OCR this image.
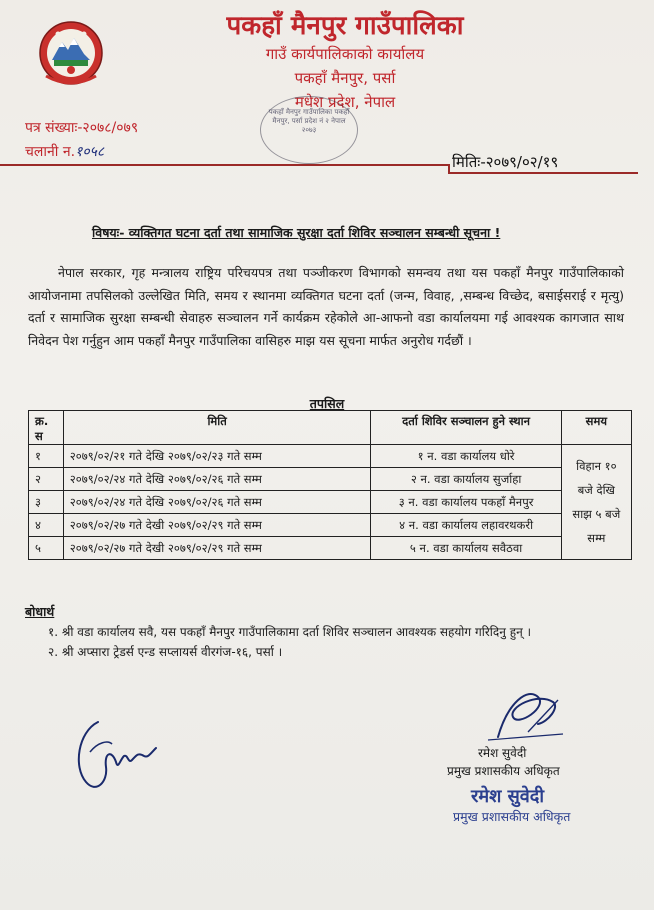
पकहाँ मैनपुर गाउँपालिका
गाउँ कार्यपालिकाको कार्यालय
पकहाँ मैनपुर, पर्सा
मधेश प्रदेश, नेपाल
पकहाँ मैनपुर गाउँपालिका पकहाँ मैनपुर, पर्सा प्रदेश नं २ नेपाल २०७३
पत्र संख्याः-२०७८/०७९
चलानी न.१०५८
मितिः-२०७९/०२/१९
विषयः- व्यक्तिगत घटना दर्ता तथा सामाजिक सुरक्षा दर्ता शिविर सञ्चालन सम्बन्धी सूचना !
नेपाल सरकार, गृह मन्त्रालय राष्ट्रिय परिचयपत्र तथा पञ्जीकरण विभागको समन्वय तथा यस पकहाँ मैनपुर गाउँपालिकाको आयोजनामा तपसिलको उल्लेखित मिति, समय र स्थानमा व्यक्तिगत घटना दर्ता (जन्म, विवाह, ,सम्बन्ध विच्छेद, बसाईसराई र मृत्यु) दर्ता र सामाजिक सुरक्षा सम्बन्धी सेवाहरु सञ्चालन गर्ने कार्यक्रम रहेकोले आ-आफनो वडा कार्यालयमा गई आवश्यक कागजात साथ निवेदन पेश गर्नुहुन आम पकहाँ मैनपुर गाउँपालिका वासिहरु माझ यस सूचना मार्फत अनुरोध गर्दछौं ।
तपसिल
क्र.
स	मिति	दर्ता शिविर सञ्चालन हुने स्थान	समय
१	२०७९/०२/२१ गते देखि २०७९/०२/२३ गते सम्म	१ न. वडा कार्यालय धोरे	विहान १०
बजे देखि
साझ ५ बजे
सम्म

२	२०७९/०२/२४ गते देखि २०७९/०२/२६ गते सम्म	२ न. वडा कार्यालय सुर्जाहा	
३	२०७९/०२/२४ गते देखि २०७९/०२/२६ गते सम्म	३ न. वडा कार्यालय पकहाँ मैनपुर	
४	२०७९/०२/२७ गते देखी २०७९/०२/२९ गते सम्म	४ न. वडा कार्यालय लहावरथकरी	
५	२०७९/०२/२७ गते देखी २०७९/०२/२९ गते सम्म	५ न. वडा कार्यालय सवैठवा	
बोधार्थ
१. श्री वडा कार्यालय सवै, यस पकहाँ मैनपुर गाउँपालिकामा दर्ता शिविर सञ्चालन आवश्यक सहयोग गरिदिनु हुन् ।
२. श्री अप्सारा ट्रेडर्स एन्ड सप्लायर्स वीरगंज-१६, पर्सा ।
रमेश सुवेदी
प्रमुख प्रशासकीय अधिकृत
रमेश सुवेदी
प्रमुख प्रशासकीय अधिकृत
